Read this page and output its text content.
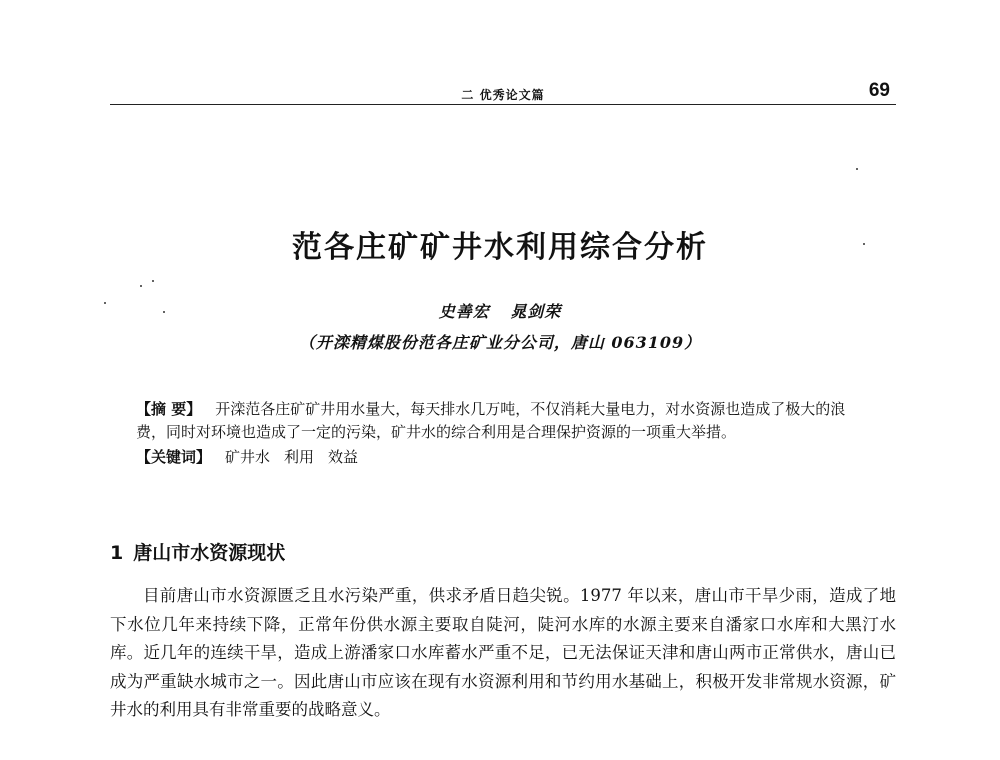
二 优秀论文篇	69
范各庄矿矿井水利用综合分析
史善宏 晁剑荣
（开滦精煤股份范各庄矿业分公司，唐山 063109）
【摘 要】 开滦范各庄矿矿井用水量大，每天排水几万吨，不仅消耗大量电力，对水资源也造成了极大的浪费，同时对环境也造成了一定的污染，矿井水的综合利用是合理保护资源的一项重大举措。
【关键词】 矿井水 利用 效益
1 唐山市水资源现状
目前唐山市水资源匮乏且水污染严重，供求矛盾日趋尖锐。1977 年以来，唐山市干旱少雨，造成了地下水位几年来持续下降，正常年份供水源主要取自陡河，陡河水库的水源主要来自潘家口水库和大黑汀水库。近几年的连续干旱，造成上游潘家口水库蓄水严重不足，已无法保证天津和唐山两市正常供水，唐山已成为严重缺水城市之一。因此唐山市应该在现有水资源利用和节约用水基础上，积极开发非常规水资源，矿井水的利用具有非常重要的战略意义。
